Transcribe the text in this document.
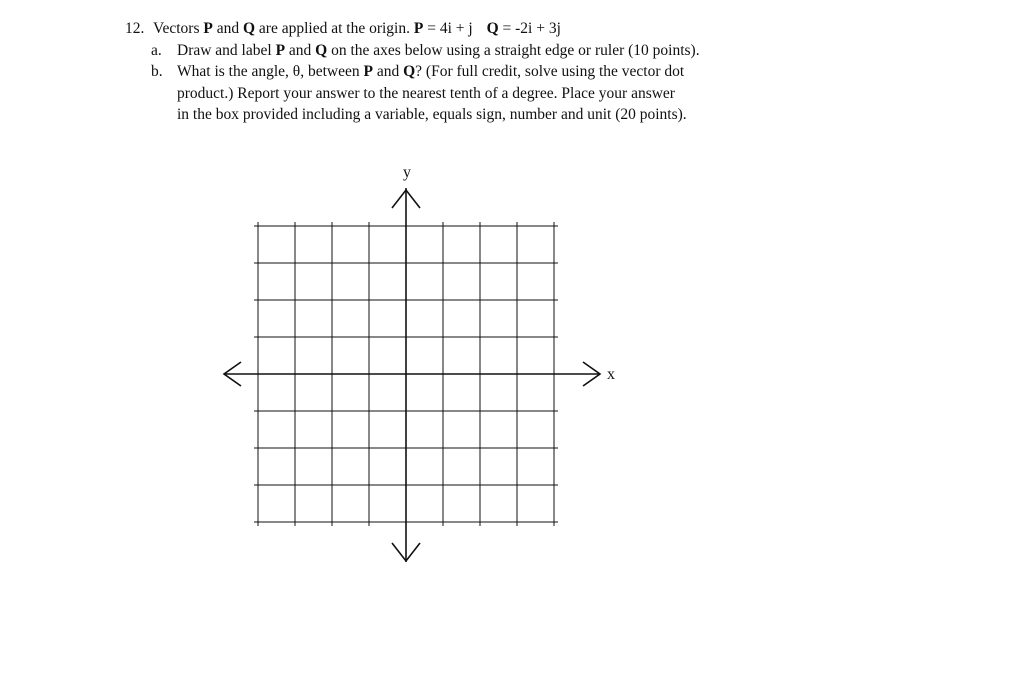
12. Vectors P and Q are applied at the origin. P = 4i + j Q = -2i + 3j
a. Draw and label P and Q on the axes below using a straight edge or ruler (10 points).
b. What is the angle, θ, between P and Q? (For full credit, solve using the vector dot
product.) Report your answer to the nearest tenth of a degree. Place your answer
in the box provided including a variable, equals sign, number and unit (20 points).
y
x
